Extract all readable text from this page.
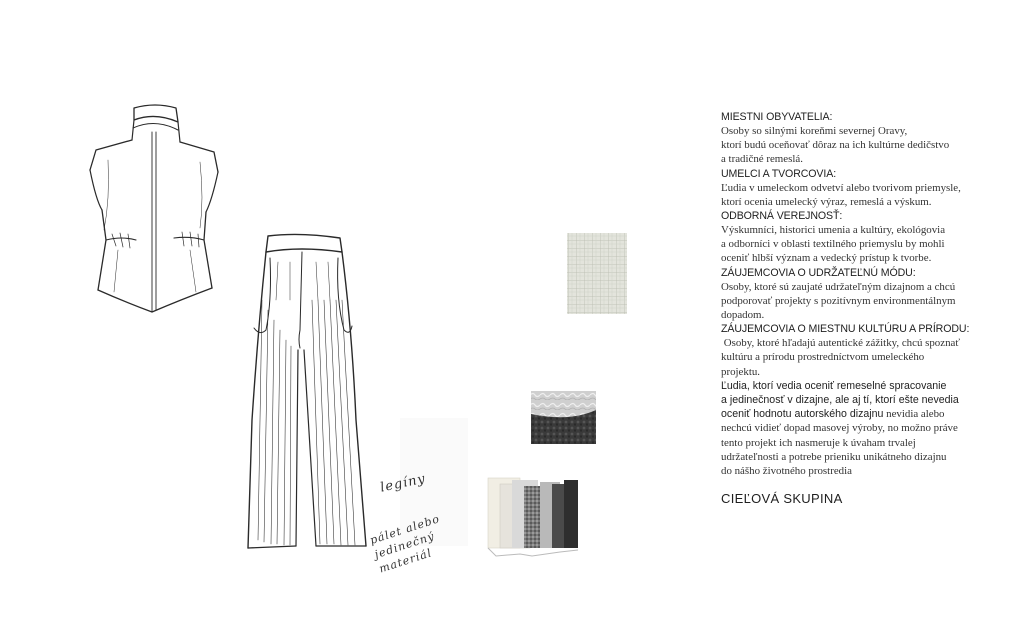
legíny
pálet alebo jedinečný materiál

MIESTNI OBYVATELIA:

Osoby so silnými koreňmi severnej Oravy,

ktorí budú oceňovať dôraz na ich kultúrne dedičstvo

a tradičné remeslá.

UMELCI A TVORCOVIA:

Ľudia v umeleckom odvetví alebo tvorivom priemysle,

ktorí ocenia umelecký výraz, remeslá a výskum.

ODBORNÁ VEREJNOSŤ:

Výskumníci, historici umenia a kultúry, ekológovia

a odborníci v oblasti textilného priemyslu by mohli

oceniť hlbší význam a vedecký prístup k tvorbe.

ZÁUJEMCOVIA O UDRŽATEĽNÚ MÓDU:

Osoby, ktoré sú zaujaté udržateľným dizajnom a chcú

podporovať projekty s pozitívnym environmentálnym

dopadom.

ZÁUJEMCOVIA O MIESTNU KULTÚRU A PRÍRODU:

Osoby, ktoré hľadajú autentické zážitky, chcú spoznať

kultúru a prírodu prostredníctvom umeleckého

projektu.

Ľudia, ktorí vedia oceniť remeselné spracovanie

a jedinečnosť v dizajne, ale aj tí, ktorí ešte nevedia

oceniť hodnotu autorského dizajnu nevidia alebo

nechcú vidieť dopad masovej výroby, no možno práve

tento projekt ich nasmeruje k úvaham trvalej

udržateľnosti a potrebe prieniku unikátneho dizajnu

do nášho životného prostredia

CIEĽOVÁ SKUPINA
